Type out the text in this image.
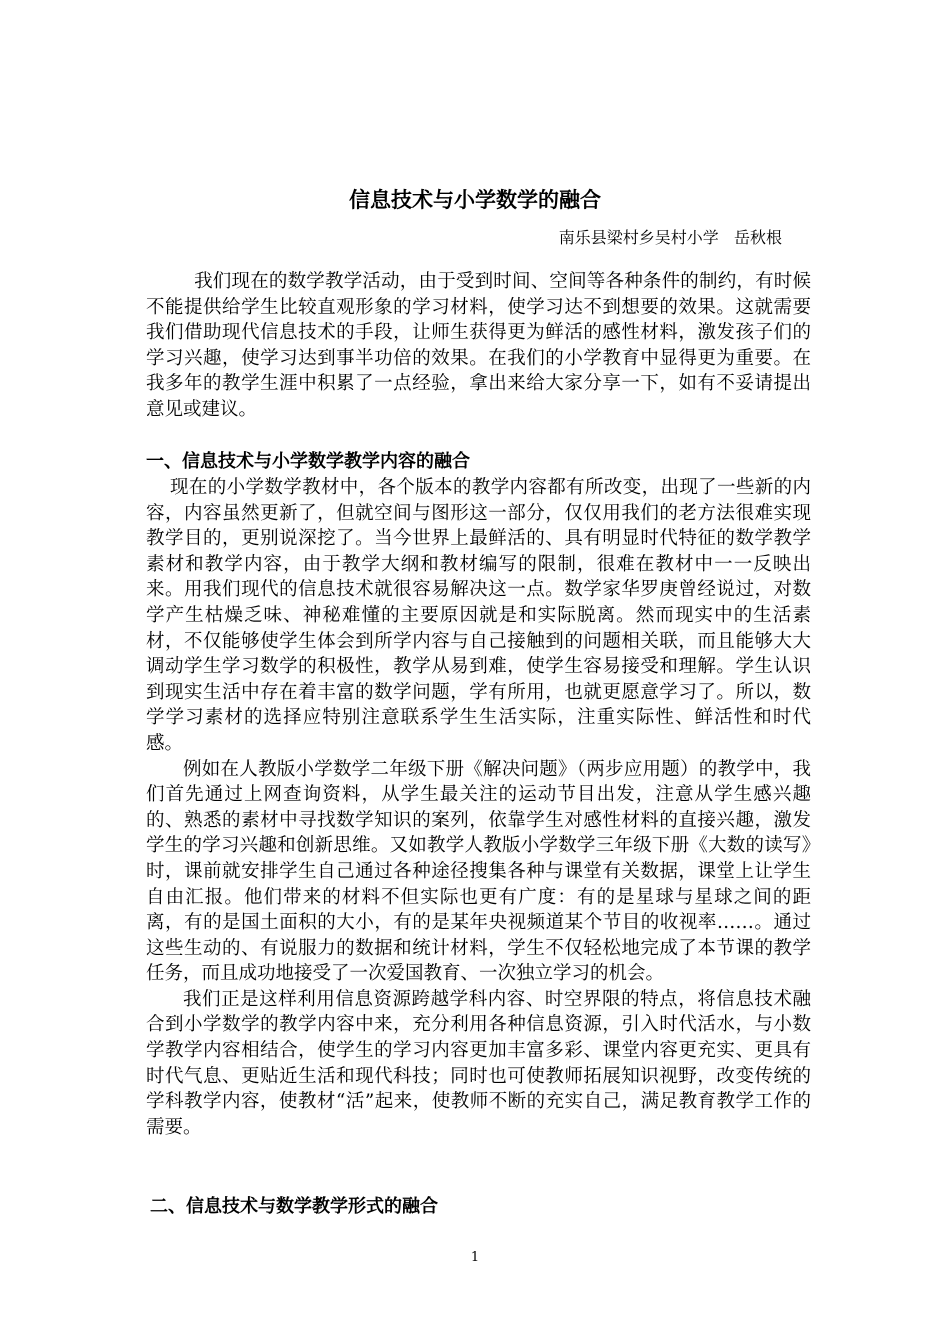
信息技术与小学数学的融合
南乐县梁村乡吴村小学   岳秋根

我们现在的数学教学活动，由于受到时间、空间等各种条件的制约，有时候不能提供给学生比较直观形象的学习材料，使学习达不到想要的效果。这就需要我们借助现代信息技术的手段，让师生获得更为鲜活的感性材料，激发孩子们的学习兴趣，使学习达到事半功倍的效果。在我们的小学教育中显得更为重要。在我多年的教学生涯中积累了一点经验，拿出来给大家分享一下，如有不妥请提出意见或建议。

一、信息技术与小学数学教学内容的融合

现在的小学数学教材中，各个版本的教学内容都有所改变，出现了一些新的内容，内容虽然更新了，但就空间与图形这一部分，仅仅用我们的老方法很难实现教学目的，更别说深挖了。当今世界上最鲜活的、具有明显时代特征的数学教学素材和教学内容，由于教学大纲和教材编写的限制，很难在教材中一一反映出来。用我们现代的信息技术就很容易解决这一点。数学家华罗庚曾经说过，对数学产生枯燥乏味、神秘难懂的主要原因就是和实际脱离。然而现实中的生活素材，不仅能够使学生体会到所学内容与自己接触到的问题相关联，而且能够大大调动学生学习数学的积极性，教学从易到难，使学生容易接受和理解。学生认识到现实生活中存在着丰富的数学问题，学有所用，也就更愿意学习了。所以，数学学习素材的选择应特别注意联系学生生活实际，注重实际性、鲜活性和时代感。

例如在人教版小学数学二年级下册《解决问题》（两步应用题）的教学中，我们首先通过上网查询资料，从学生最关注的运动节目出发，注意从学生感兴趣的、熟悉的素材中寻找数学知识的案列，依靠学生对感性材料的直接兴趣，激发学生的学习兴趣和创新思维。又如教学人教版小学数学三年级下册《大数的读写》时，课前就安排学生自己通过各种途径搜集各种与课堂有关数据，课堂上让学生自由汇报。他们带来的材料不但实际也更有广度：有的是星球与星球之间的距离，有的是国土面积的大小，有的是某年央视频道某个节目的收视率……。通过这些生动的、有说服力的数据和统计材料，学生不仅轻松地完成了本节课的教学任务，而且成功地接受了一次爱国教育、一次独立学习的机会。

我们正是这样利用信息资源跨越学科内容、时空界限的特点，将信息技术融合到小学数学的教学内容中来，充分利用各种信息资源，引入时代活水，与小数学教学内容相结合，使学生的学习内容更加丰富多彩、课堂内容更充实、更具有时代气息、更贴近生活和现代科技；同时也可使教师拓展知识视野，改变传统的学科教学内容，使教材“活”起来，使教师不断的充实自己，满足教育教学工作的需要。

二、信息技术与数学教学形式的融合
1
